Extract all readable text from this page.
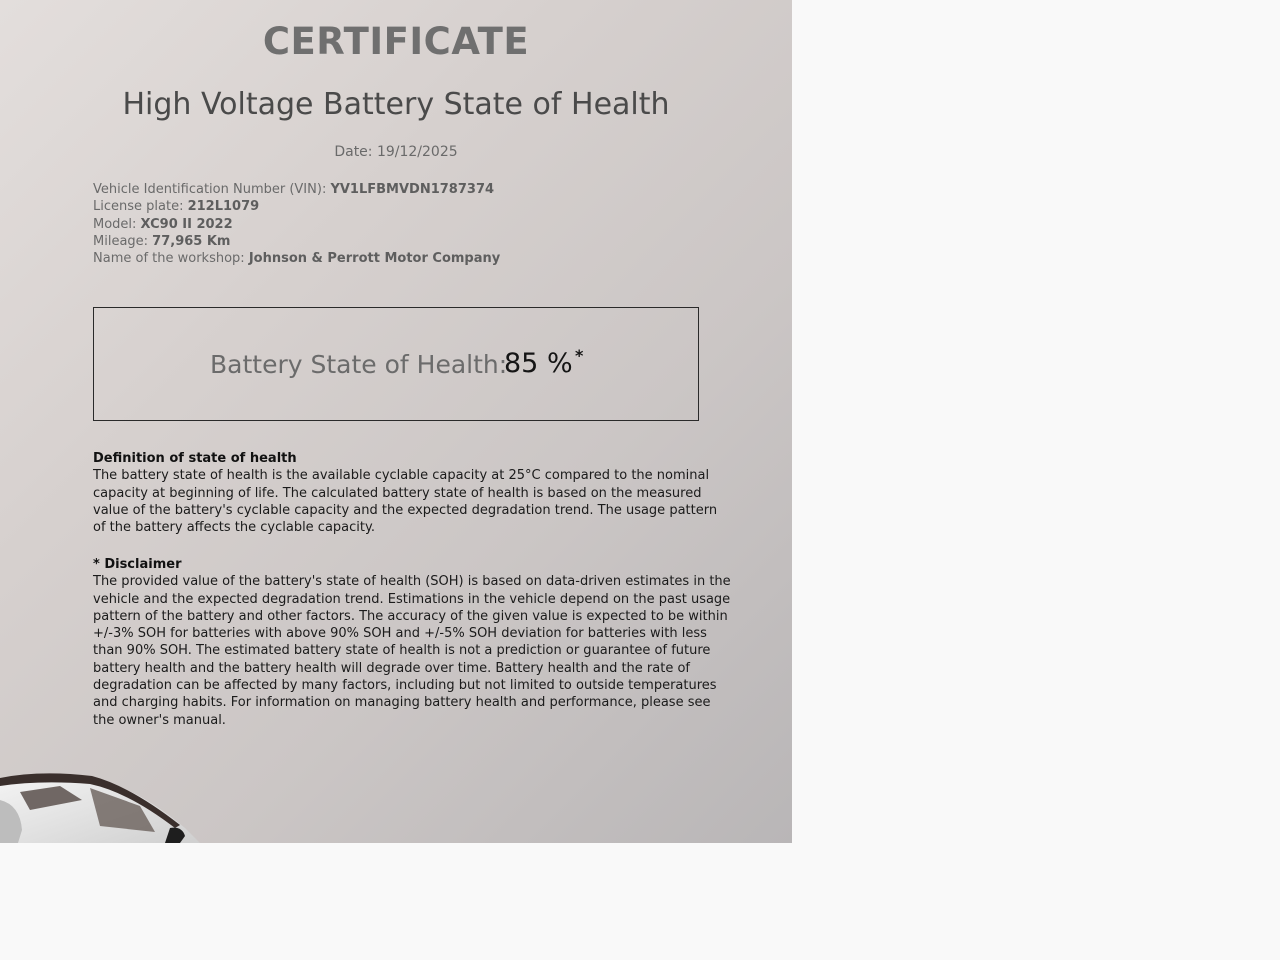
CERTIFICATE
High Voltage Battery State of Health
Date: 19/12/2025
Vehicle Identification Number (VIN): YV1LFBMVDN1787374
License plate: 212L1079
Model: XC90 II 2022
Mileage: 77,965 Km
Name of the workshop: Johnson & Perrott Motor Company
Battery State of Health:
85 % *
Definition of state of health

The battery state of health is the available cyclable capacity at 25°C compared to the nominal capacity at beginning of life. The calculated battery state of health is based on the measured value of the battery's cyclable capacity and the expected degradation trend. The usage pattern of the battery affects the cyclable capacity.

* Disclaimer

The provided value of the battery's state of health (SOH) is based on data-driven estimates in the vehicle and the expected degradation trend. Estimations in the vehicle depend on the past usage pattern of the battery and other factors. The accuracy of the given value is expected to be within +/-3% SOH for batteries with above 90% SOH and +/-5% SOH deviation for batteries with less than 90% SOH. The estimated battery state of health is not a prediction or guarantee of future battery health and the battery health will degrade over time. Battery health and the rate of degradation can be affected by many factors, including but not limited to outside temperatures and charging habits. For information on managing battery health and performance, please see the owner's manual.
